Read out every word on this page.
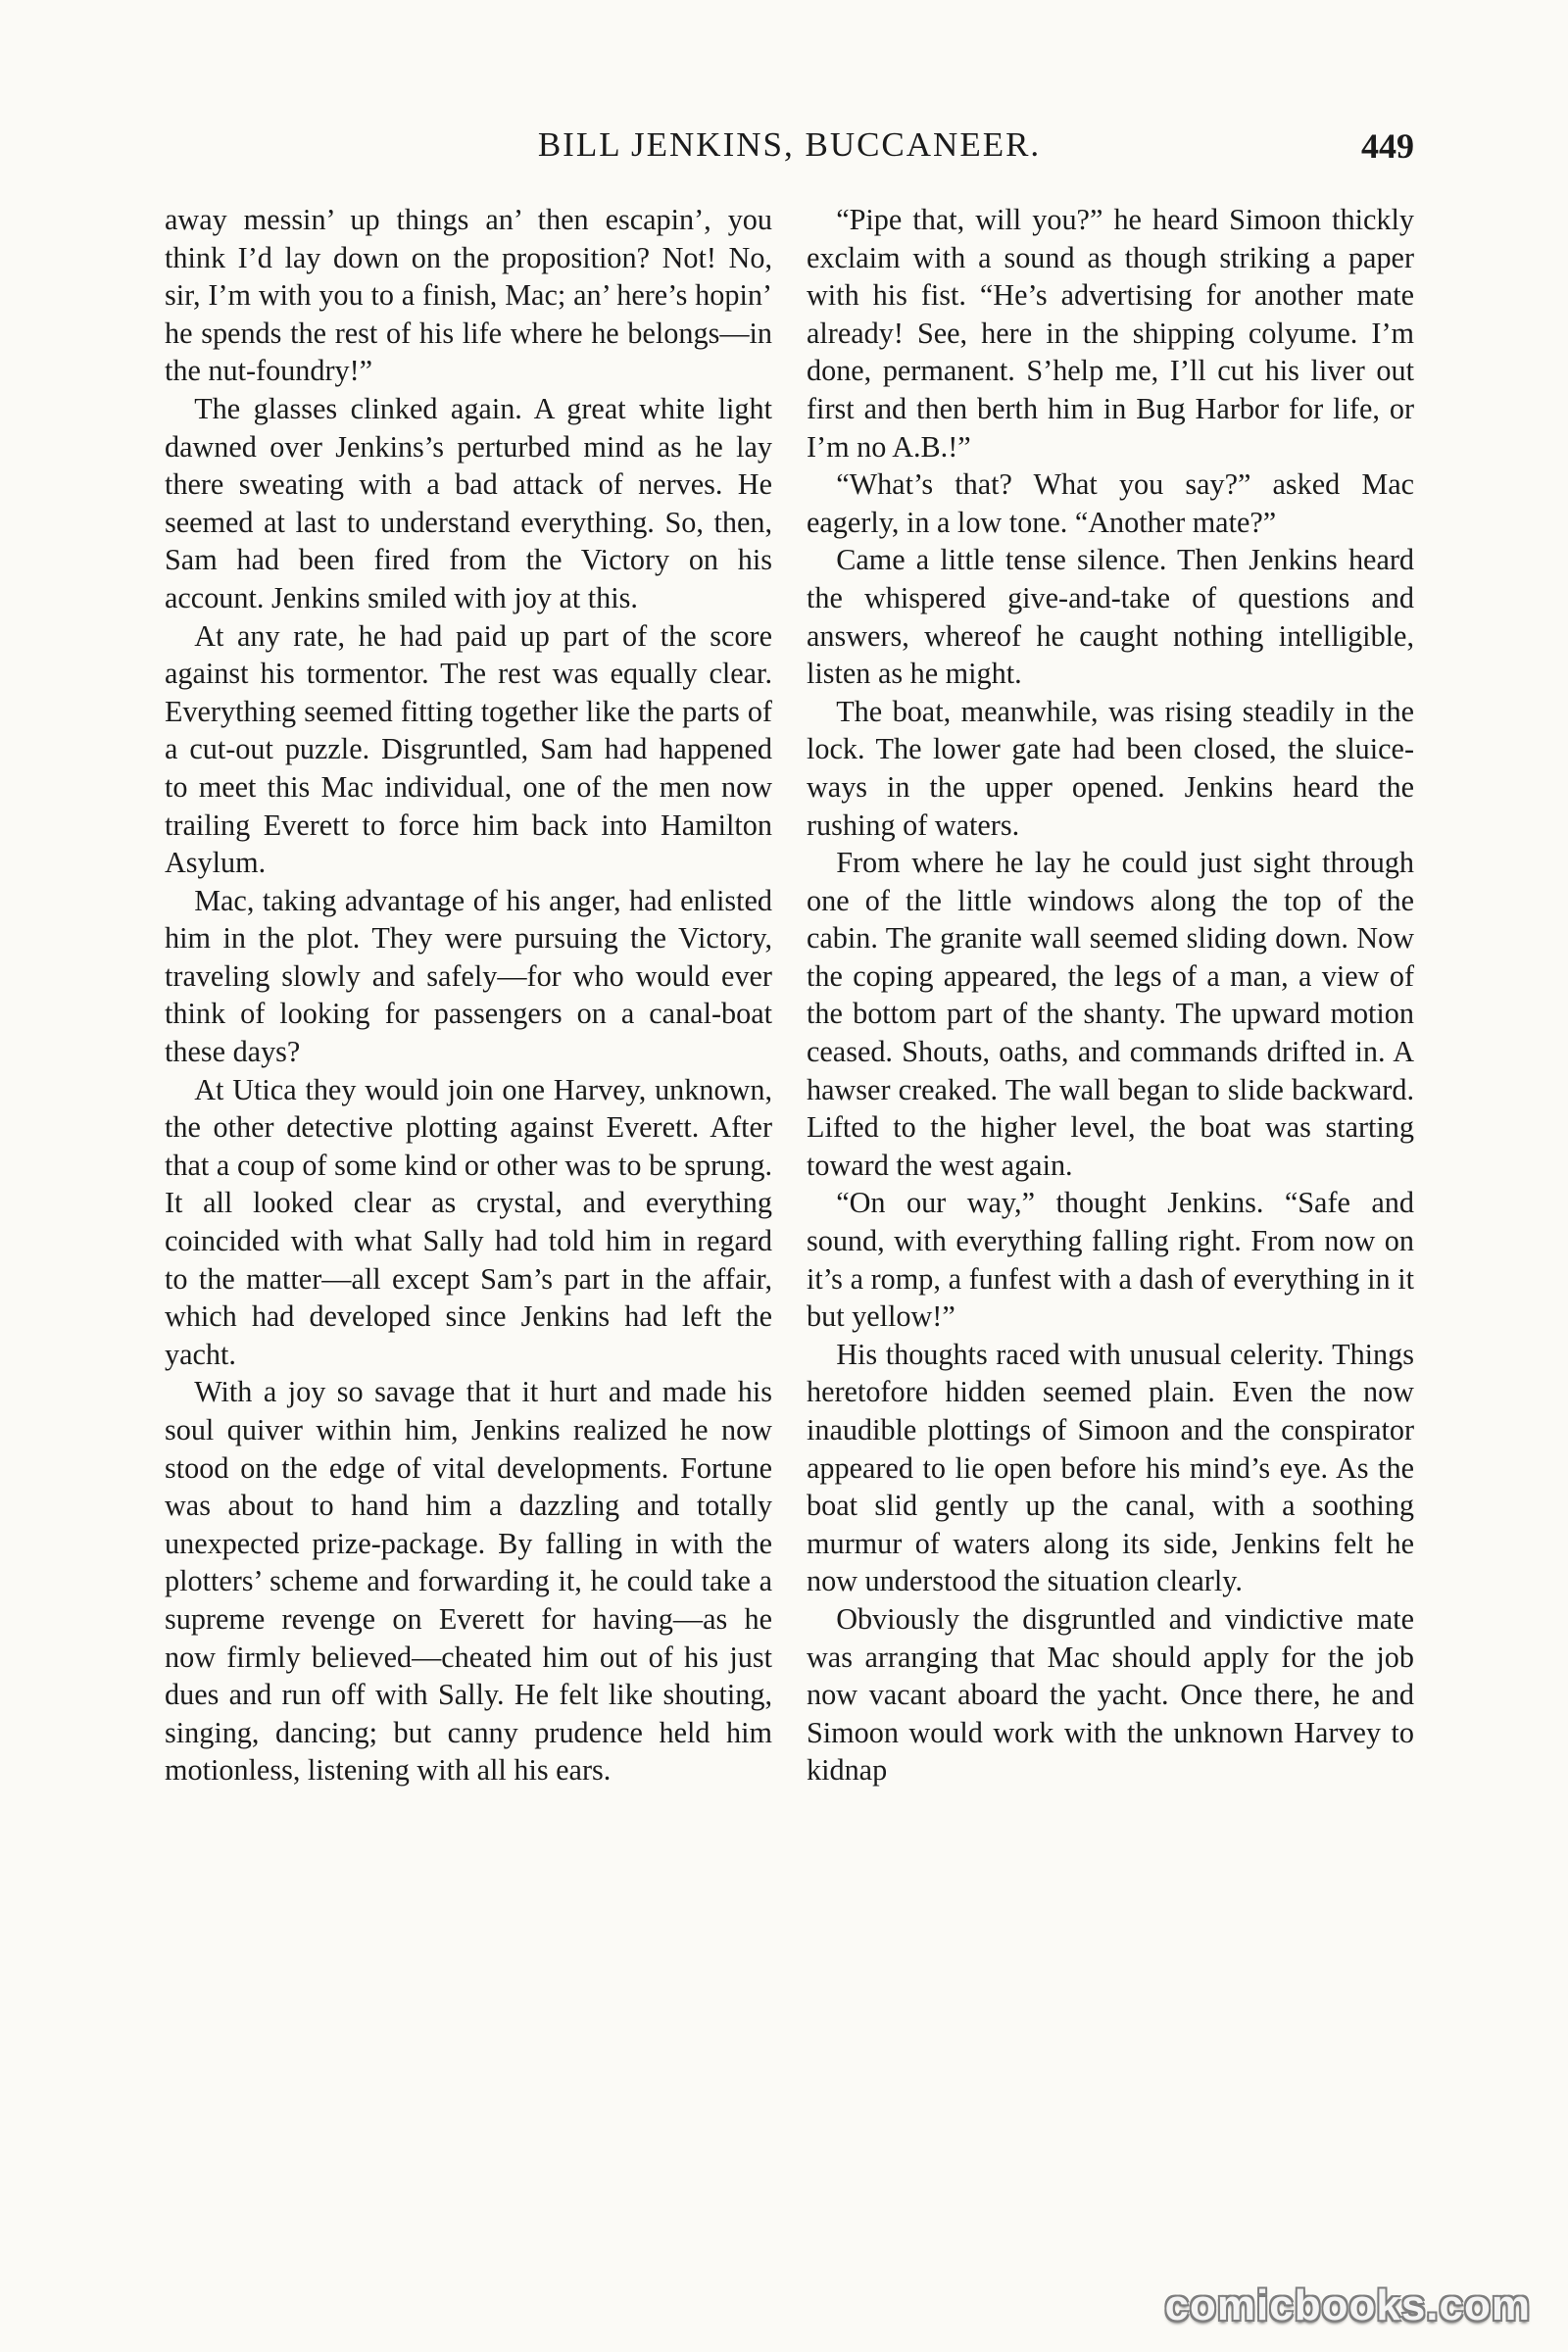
BILL JENKINS, BUCCANEER.	449

away messin’ up things an’ then escapin’, you think I’d lay down on the proposition? Not! No, sir, I’m with you to a finish, Mac; an’ here’s hopin’ he spends the rest of his life where he belongs—in the nut-foundry!”

The glasses clinked again. A great white light dawned over Jenkins’s perturbed mind as he lay there sweating with a bad attack of nerves. He seemed at last to understand everything. So, then, Sam had been fired from the Victory on his account. Jenkins smiled with joy at this.

At any rate, he had paid up part of the score against his tormentor. The rest was equally clear. Everything seemed fitting together like the parts of a cut-out puzzle. Disgruntled, Sam had happened to meet this Mac individual, one of the men now trailing Everett to force him back into Hamilton Asylum.

Mac, taking advantage of his anger, had enlisted him in the plot. They were pursuing the Victory, traveling slowly and safely—for who would ever think of looking for passengers on a canal-boat these days?

At Utica they would join one Harvey, unknown, the other detective plotting against Everett. After that a coup of some kind or other was to be sprung. It all looked clear as crystal, and everything coincided with what Sally had told him in regard to the matter—all except Sam’s part in the affair, which had developed since Jenkins had left the yacht.

With a joy so savage that it hurt and made his soul quiver within him, Jenkins realized he now stood on the edge of vital developments. Fortune was about to hand him a dazzling and totally unexpected prize-package. By falling in with the plotters’ scheme and forwarding it, he could take a supreme revenge on Everett for having—as he now firmly believed—cheated him out of his just dues and run off with Sally. He felt like shouting, singing, dancing; but canny prudence held him motionless, listening with all his ears.

“Pipe that, will you?” he heard Simoon thickly exclaim with a sound as though striking a paper with his fist. “He’s advertising for another mate already! See, here in the shipping colyume. I’m done, permanent. S’help me, I’ll cut his liver out first and then berth him in Bug Harbor for life, or I’m no A.B.!”

“What’s that? What you say?” asked Mac eagerly, in a low tone. “Another mate?”

Came a little tense silence. Then Jenkins heard the whispered give-and-take of questions and answers, whereof he caught nothing intelligible, listen as he might.

The boat, meanwhile, was rising steadily in the lock. The lower gate had been closed, the sluice-ways in the upper opened. Jenkins heard the rushing of waters.

From where he lay he could just sight through one of the little windows along the top of the cabin. The granite wall seemed sliding down. Now the coping appeared, the legs of a man, a view of the bottom part of the shanty. The upward motion ceased. Shouts, oaths, and commands drifted in. A hawser creaked. The wall began to slide backward. Lifted to the higher level, the boat was starting toward the west again.

“On our way,” thought Jenkins. “Safe and sound, with everything falling right. From now on it’s a romp, a funfest with a dash of everything in it but yellow!”

His thoughts raced with unusual celerity. Things heretofore hidden seemed plain. Even the now inaudible plottings of Simoon and the conspirator appeared to lie open before his mind’s eye. As the boat slid gently up the canal, with a soothing murmur of waters along its side, Jenkins felt he now understood the situation clearly.

Obviously the disgruntled and vindictive mate was arranging that Mac should apply for the job now vacant aboard the yacht. Once there, he and Simoon would work with the unknown Harvey to kidnap

comicbooks.com
